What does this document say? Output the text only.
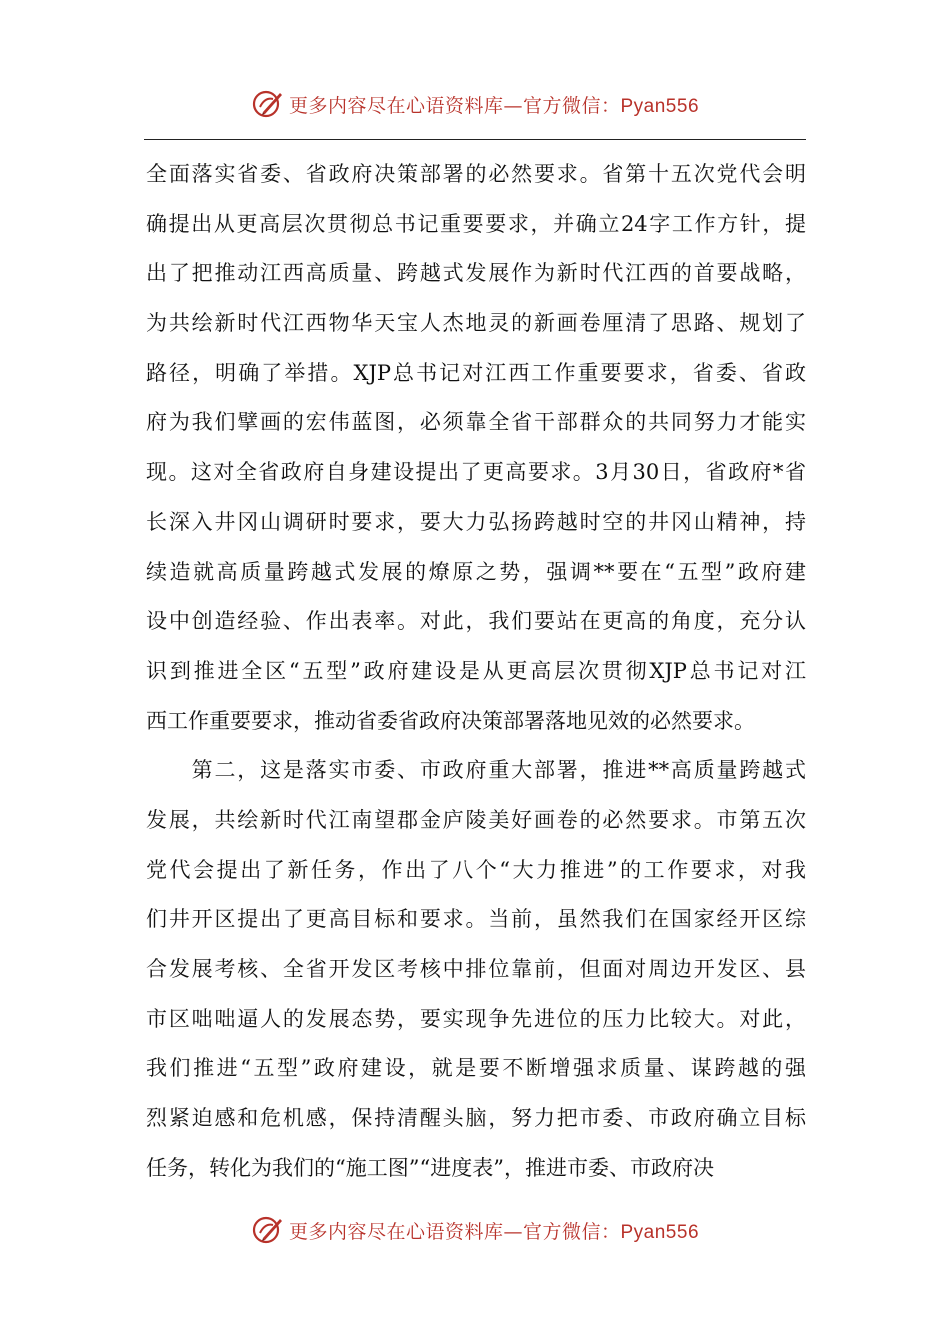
更多内容尽在心语资料库—官方微信：Pyan556
全面落实省委、省政府决策部署的必然要求。省第十五次党代会明
确提出从更高层次贯彻总书记重要要求，并确立24字工作方针，提
出了把推动江西高质量、跨越式发展作为新时代江西的首要战略，
为共绘新时代江西物华天宝人杰地灵的新画卷厘清了思路、规划了
路径，明确了举措。XJP总书记对江西工作重要要求，省委、省政
府为我们擘画的宏伟蓝图，必须靠全省干部群众的共同努力才能实
现。这对全省政府自身建设提出了更高要求。3月30日，省政府*省
长深入井冈山调研时要求，要大力弘扬跨越时空的井冈山精神，持
续造就高质量跨越式发展的燎原之势，强调**要在“五型”政府建
设中创造经验、作出表率。对此，我们要站在更高的角度，充分认
识到推进全区“五型”政府建设是从更高层次贯彻XJP总书记对江
西工作重要要求，推动省委省政府决策部署落地见效的必然要求。
　　第二，这是落实市委、市政府重大部署，推进**高质量跨越式
发展，共绘新时代江南望郡金庐陵美好画卷的必然要求。市第五次
党代会提出了新任务，作出了八个“大力推进”的工作要求，对我
们井开区提出了更高目标和要求。当前，虽然我们在国家经开区综
合发展考核、全省开发区考核中排位靠前，但面对周边开发区、县
市区咄咄逼人的发展态势，要实现争先进位的压力比较大。对此，
我们推进“五型”政府建设，就是要不断增强求质量、谋跨越的强
烈紧迫感和危机感，保持清醒头脑，努力把市委、市政府确立目标
任务，转化为我们的“施工图”“进度表”，推进市委、市政府决
更多内容尽在心语资料库—官方微信：Pyan556
